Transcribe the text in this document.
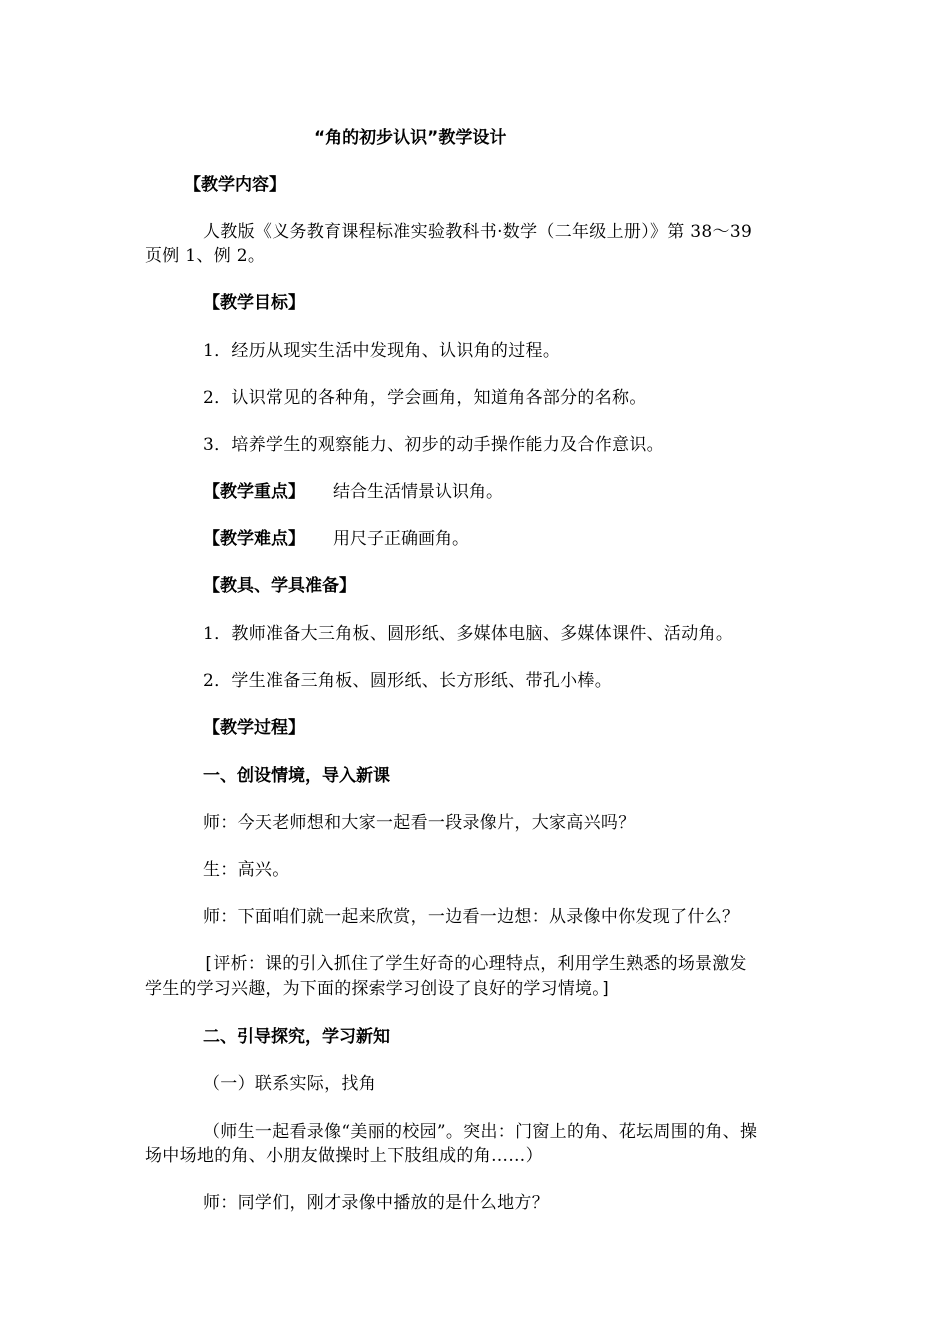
“角的初步认识”教学设计
【教学内容】
人教版《义务教育课程标准实验教科书·数学（二年级上册）》第 38～39
页例 1、例 2。
【教学目标】
1．经历从现实生活中发现角、认识角的过程。
2．认识常见的各种角，学会画角，知道角各部分的名称。
3．培养学生的观察能力、初步的动手操作能力及合作意识。
【教学重点】 结合生活情景认识角。
【教学难点】 用尺子正确画角。
【教具、学具准备】
1．教师准备大三角板、圆形纸、多媒体电脑、多媒体课件、活动角。
2．学生准备三角板、圆形纸、长方形纸、带孔小棒。
【教学过程】
一、创设情境，导入新课
师：今天老师想和大家一起看一段录像片，大家高兴吗？
生：高兴。
师：下面咱们就一起来欣赏，一边看一边想：从录像中你发现了什么？
[评析：课的引入抓住了学生好奇的心理特点，利用学生熟悉的场景激发
学生的学习兴趣，为下面的探索学习创设了良好的学习情境。]
二、引导探究，学习新知
（一）联系实际，找角
（师生一起看录像“美丽的校园”。突出：门窗上的角、花坛周围的角、操
场中场地的角、小朋友做操时上下肢组成的角……）
师：同学们，刚才录像中播放的是什么地方？
